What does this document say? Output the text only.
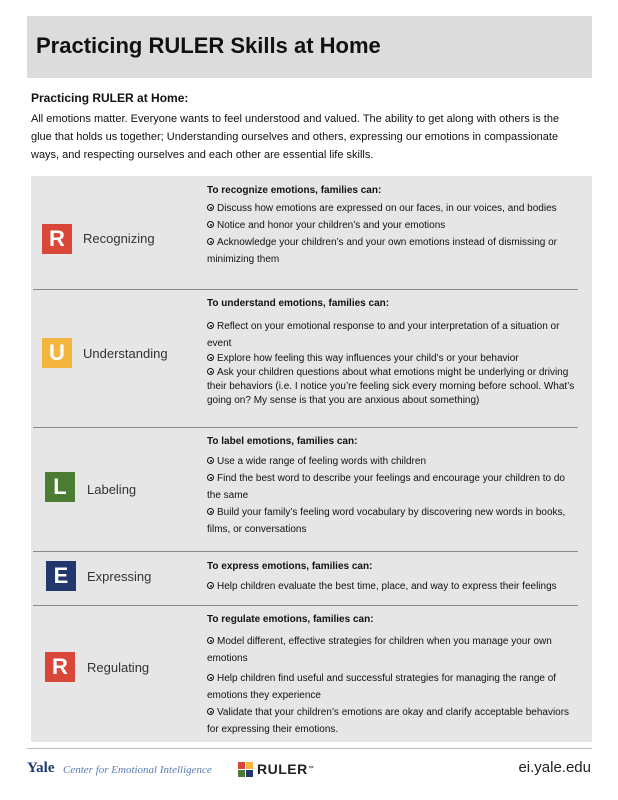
Practicing RULER Skills at Home
Practicing RULER at Home:
All emotions matter. Everyone wants to feel understood and valued. The ability to get along with others is the glue that holds us together; Understanding ourselves and others, expressing our emotions in compassionate ways, and respecting ourselves and each other are essential life skills.
R	Recognizing
To recognize emotions, families can:
Discuss how emotions are expressed on our faces, in our voices, and bodies
Notice and honor your children’s and your emotions
Acknowledge your children’s and your own emotions instead of dismissing or minimizing them
U	Understanding
To understand emotions, families can:
Reflect on your emotional response to and your interpretation of a situation or event
Explore how feeling this way influences your child’s or your behavior
Ask your children questions about what emotions might be underlying or driving their behaviors (i.e. I notice you’re feeling sick every morning before school. What’s going on? My sense is that you are anxious about something)
L	Labeling
To label emotions, families can:
Use a wide range of feeling words with children
Find the best word to describe your feelings and encourage your children to do the same
Build your family’s feeling word vocabulary by discovering new words in books, films, or conversations
E	Expressing
To express emotions, families can:
Help children evaluate the best time, place, and way to express their feelings
R	Regulating
To regulate emotions, families can:
Model different, effective strategies for children when you manage your own emotions
Help children find useful and successful strategies for managing the range of emotions they experience
Validate that your children’s emotions are okay and clarify acceptable behaviors for expressing their emotions.
Yale Center for Emotional Intelligence	RULER ™	ei.yale.edu
